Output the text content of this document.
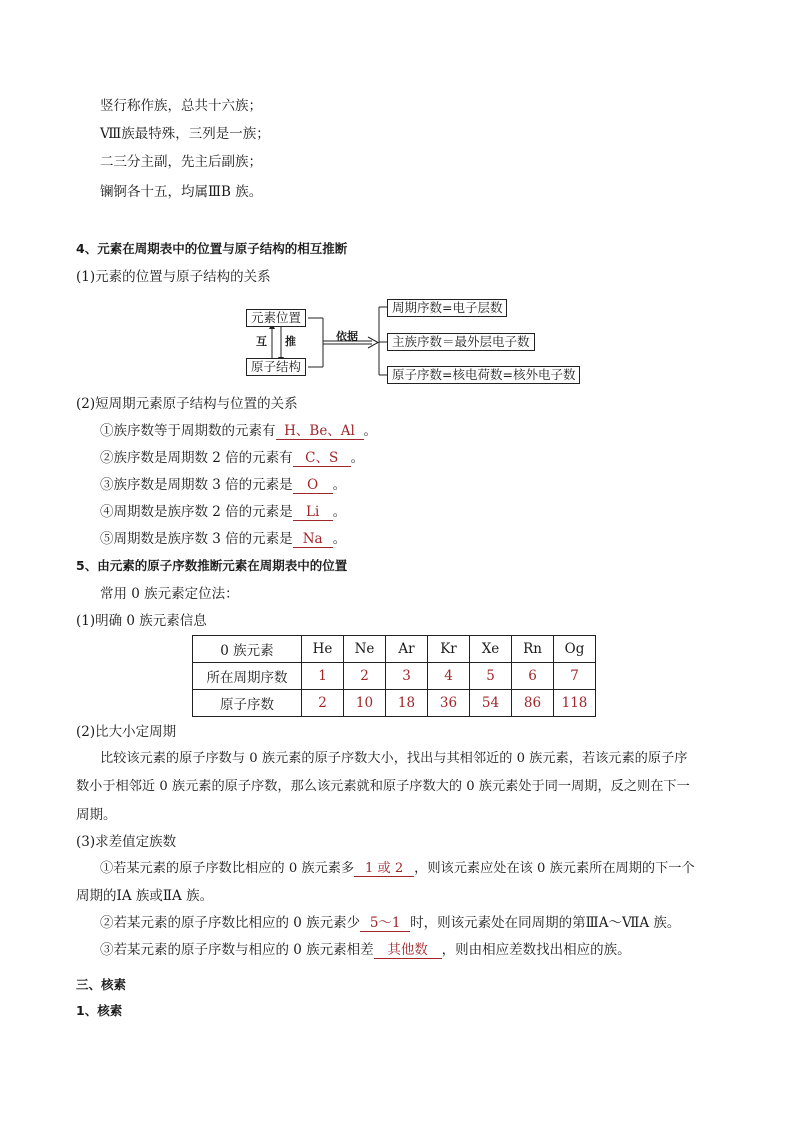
竖行称作族，总共十六族；
Ⅷ族最特殊，三列是一族；
二三分主副，先主后副族；
镧锕各十五，均属ⅢB 族。
4、元素在周期表中的位置与原子结构的相互推断
(1)元素的位置与原子结构的关系
元素位置
原子结构
互 推	依据
周期序数=电子层数
主族序数＝最外层电子数
原子序数=核电荷数=核外电子数
(2)短周期元素原子结构与位置的关系
①族序数等于周期数的元素有 H、Be、Al 。
②族序数是周期数 2 倍的元素有 C、S 。
③族序数是周期数 3 倍的元素是 O 。
④周期数是族序数 2 倍的元素是 Li 。
⑤周期数是族序数 3 倍的元素是 Na 。
5、由元素的原子序数推断元素在周期表中的位置
常用 0 族元素定位法：
(1)明确 0 族元素信息
0 族元素	He	Ne	Ar	Kr	Xe	Rn	Og
所在周期序数	1	2	3	4	5	6	7
原子序数	2	10	18	36	54	86	118
(2)比大小定周期
比较该元素的原子序数与 0 族元素的原子序数大小，找出与其相邻近的 0 族元素，若该元素的原子序
数小于相邻近 0 族元素的原子序数，那么该元素就和原子序数大的 0 族元素处于同一周期，反之则在下一
周期。
(3)求差值定族数
①若某元素的原子序数比相应的 0 族元素多 1 或 2 ，则该元素应处在该 0 族元素所在周期的下一个
周期的ⅠA 族或ⅡA 族。
②若某元素的原子序数比相应的 0 族元素少 5～1 时，则该元素处在同周期的第ⅢA～ⅦA 族。
③若某元素的原子序数与相应的 0 族元素相差 其他数 ，则由相应差数找出相应的族。
三、核素
1、核素
